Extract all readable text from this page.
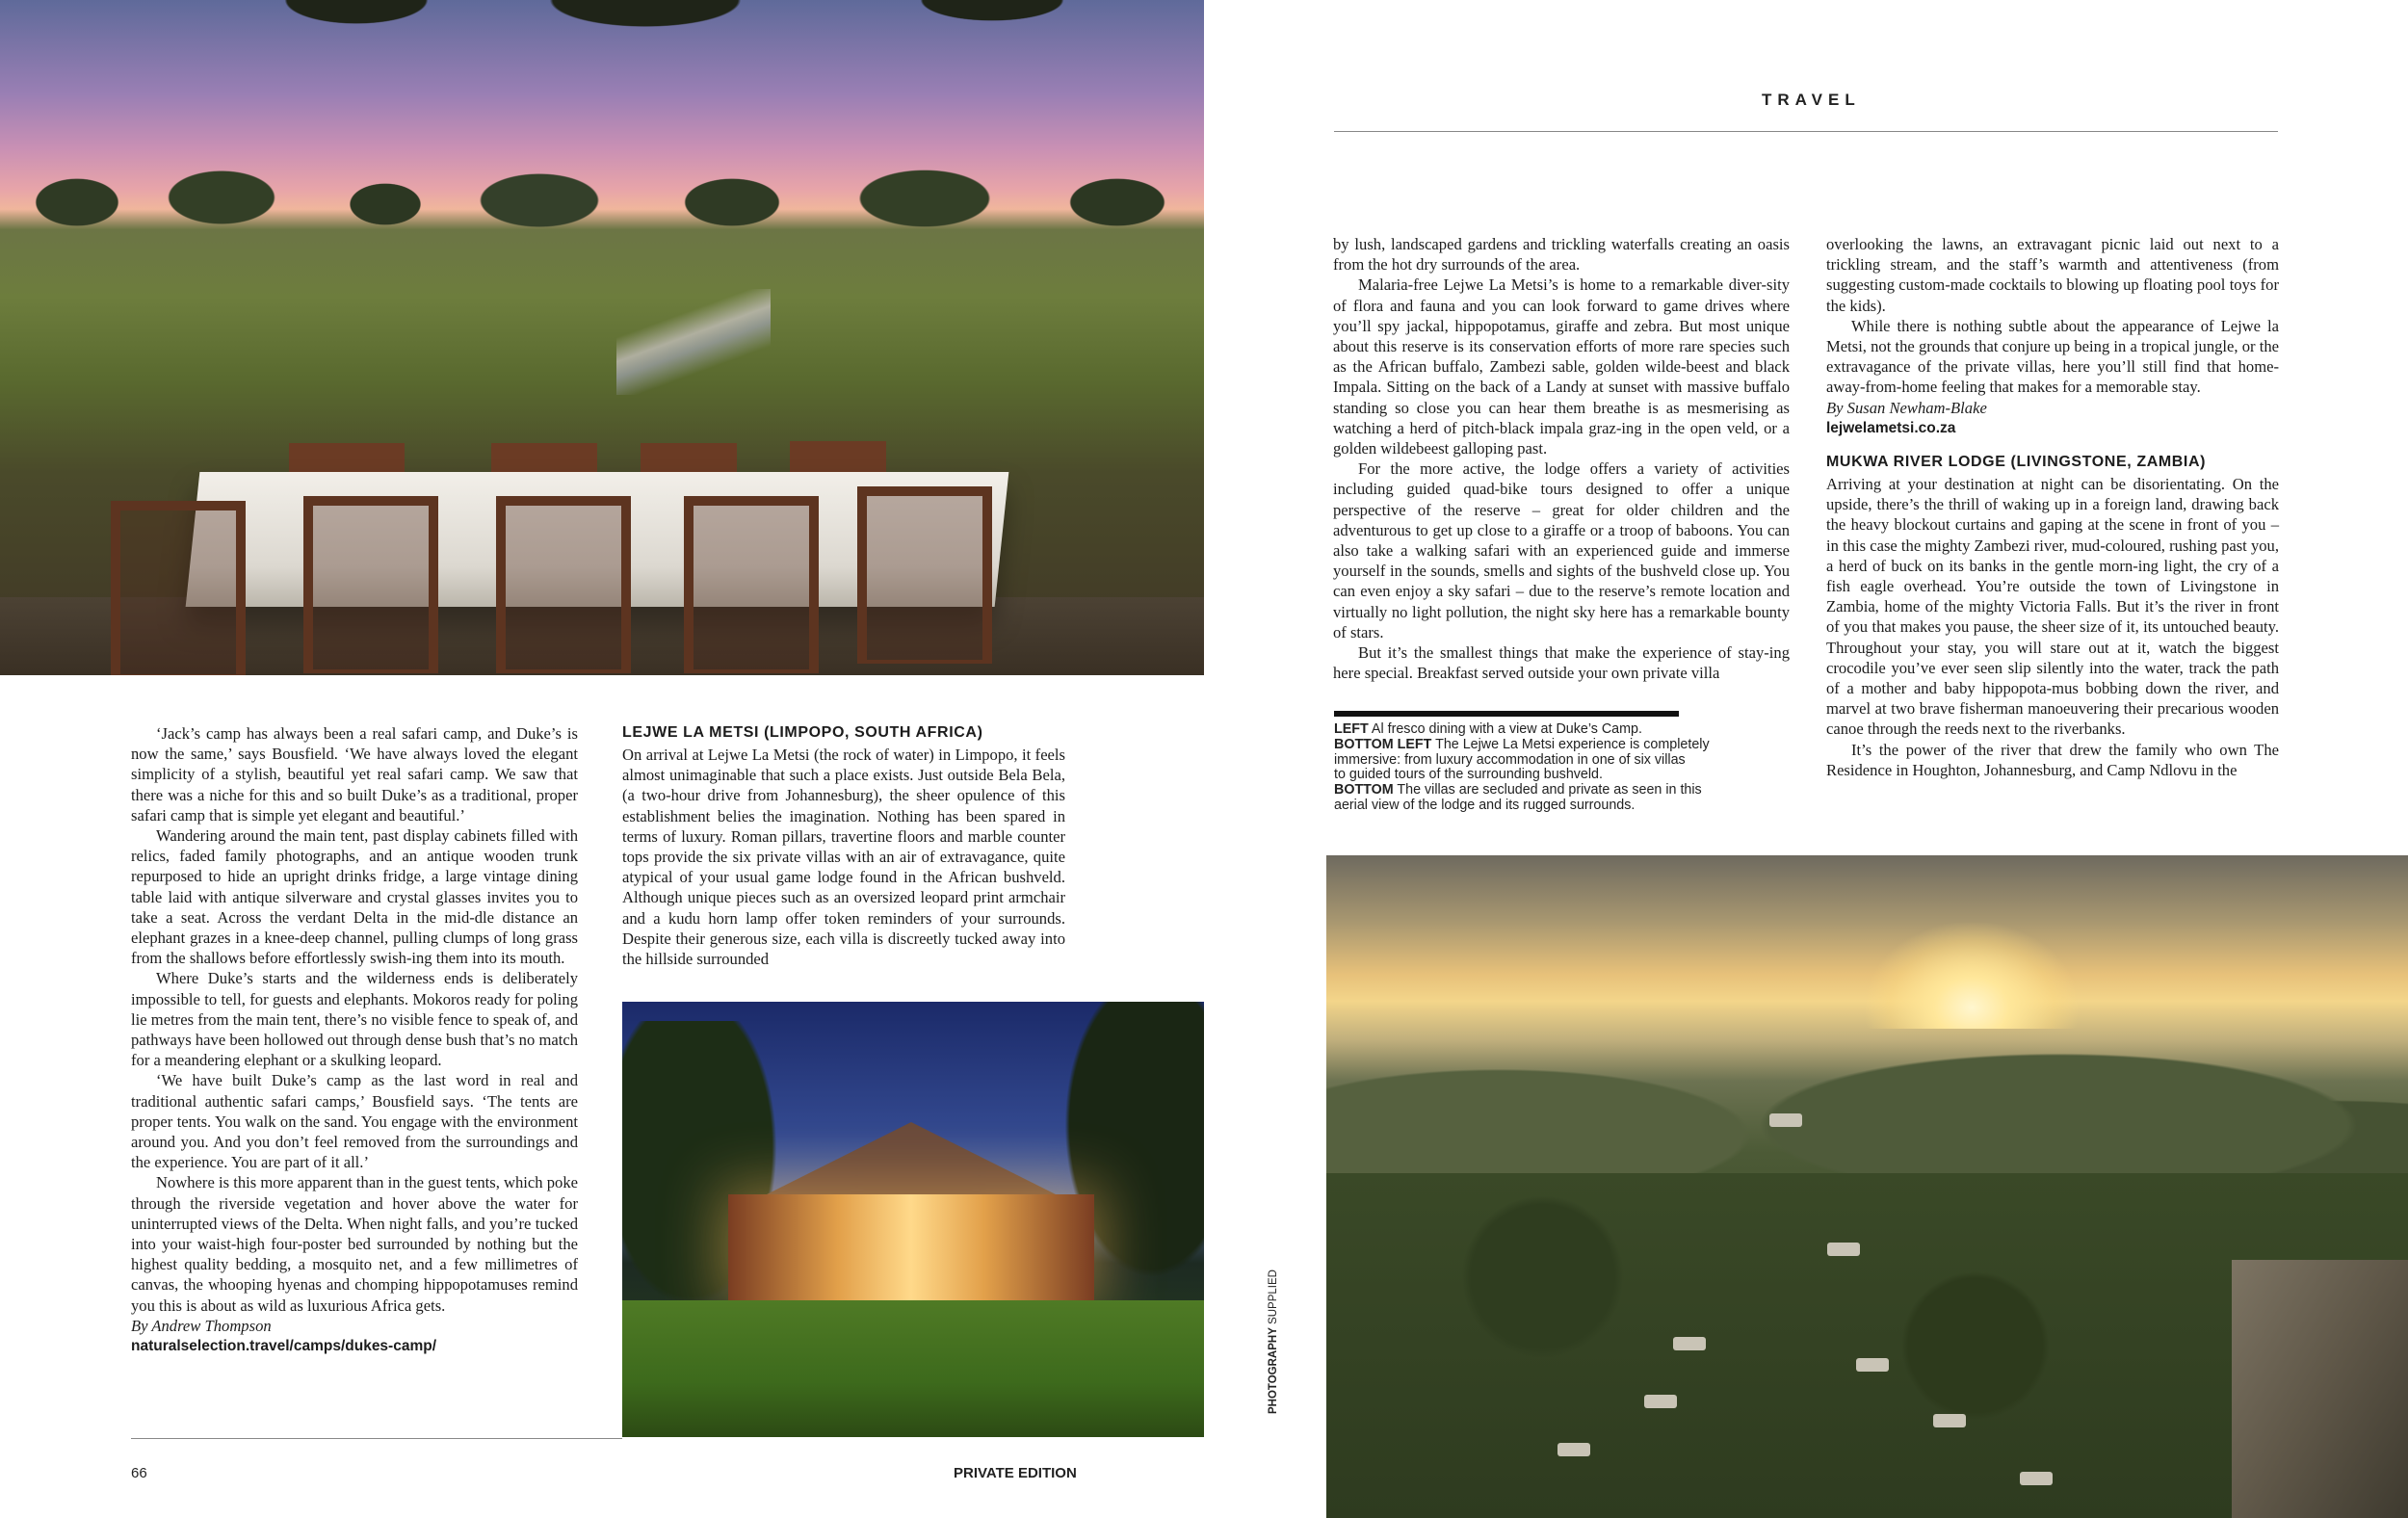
‘Jack’s camp has always been a real safari camp, and Duke’s is now the same,’ says Bousfield. ‘We have always loved the elegant simplicity of a stylish, beautiful yet real safari camp. We saw that there was a niche for this and so built Duke’s as a traditional, proper safari camp that is simple yet elegant and beautiful.’

Wandering around the main tent, past display cabinets filled with relics, faded family photographs, and an antique wooden trunk repurposed to hide an upright drinks fridge, a large vintage dining table laid with antique silverware and crystal glasses invites you to take a seat. Across the verdant Delta in the mid-dle distance an elephant grazes in a knee-deep channel, pulling clumps of long grass from the shallows before effortlessly swish-ing them into its mouth.

Where Duke’s starts and the wilderness ends is deliberately impossible to tell, for guests and elephants. Mokoros ready for poling lie metres from the main tent, there’s no visible fence to speak of, and pathways have been hollowed out through dense bush that’s no match for a meandering elephant or a skulking leopard.

‘We have built Duke’s camp as the last word in real and traditional authentic safari camps,’ Bousfield says. ‘The tents are proper tents. You walk on the sand. You engage with the environment around you. And you don’t feel removed from the surroundings and the experience. You are part of it all.’

Nowhere is this more apparent than in the guest tents, which poke through the riverside vegetation and hover above the water for uninterrupted views of the Delta. When night falls, and you’re tucked into your waist-high four-poster bed surrounded by nothing but the highest quality bedding, a mosquito net, and a few millimetres of canvas, the whooping hyenas and chomping hippopotamuses remind you this is about as wild as luxurious Africa gets.

By Andrew Thompson

naturalselection.travel/camps/dukes-camp/

LEJWE LA METSI (LIMPOPO, SOUTH AFRICA)

On arrival at Lejwe La Metsi (the rock of water) in Limpopo, it feels almost unimaginable that such a place exists. Just outside Bela Bela, (a two-hour drive from Johannesburg), the sheer opulence of this establishment belies the imagination. Nothing has been spared in terms of luxury. Roman pillars, travertine floors and marble counter tops provide the six private villas with an air of extravagance, quite atypical of your usual game lodge found in the African bushveld. Although unique pieces such as an oversized leopard print armchair and a kudu horn lamp offer token reminders of your surrounds. Despite their generous size, each villa is discreetly tucked away into the hillside surrounded

PHOTOGRAPHY SUPPLIED
66	PRIVATE EDITION
TRAVEL

by lush, landscaped gardens and trickling waterfalls creating an oasis from the hot dry surrounds of the area.

Malaria-free Lejwe La Metsi’s is home to a remarkable diver-sity of flora and fauna and you can look forward to game drives where you’ll spy jackal, hippopotamus, giraffe and zebra. But most unique about this reserve is its conservation efforts of more rare species such as the African buffalo, Zambezi sable, golden wilde-beest and black Impala. Sitting on the back of a Landy at sunset with massive buffalo standing so close you can hear them breathe is as mesmerising as watching a herd of pitch-black impala graz-ing in the open veld, or a golden wildebeest galloping past.

For the more active, the lodge offers a variety of activities including guided quad-bike tours designed to offer a unique perspective of the reserve – great for older children and the adventurous to get up close to a giraffe or a troop of baboons. You can also take a walking safari with an experienced guide and immerse yourself in the sounds, smells and sights of the bushveld close up. You can even enjoy a sky safari – due to the reserve’s remote location and virtually no light pollution, the night sky here has a remarkable bounty of stars.

But it’s the smallest things that make the experience of stay-ing here special. Breakfast served outside your own private villa

LEFT Al fresco dining with a view at Duke’s Camp.
BOTTOM LEFT The Lejwe La Metsi experience is completely
immersive: from luxury accommodation in one of six villas
to guided tours of the surrounding bushveld.
BOTTOM The villas are secluded and private as seen in this
aerial view of the lodge and its rugged surrounds.

overlooking the lawns, an extravagant picnic laid out next to a trickling stream, and the staff’s warmth and attentiveness (from suggesting custom-made cocktails to blowing up floating pool toys for the kids).

While there is nothing subtle about the appearance of Lejwe la Metsi, not the grounds that conjure up being in a tropical jungle, or the extravagance of the private villas, here you’ll still find that home-away-from-home feeling that makes for a memorable stay.

By Susan Newham-Blake

lejwelametsi.co.za

MUKWA RIVER LODGE (LIVINGSTONE, ZAMBIA)

Arriving at your destination at night can be disorientating. On the upside, there’s the thrill of waking up in a foreign land, drawing back the heavy blockout curtains and gaping at the scene in front of you – in this case the mighty Zambezi river, mud-coloured, rushing past you, a herd of buck on its banks in the gentle morn-ing light, the cry of a fish eagle overhead. You’re outside the town of Livingstone in Zambia, home of the mighty Victoria Falls. But it’s the river in front of you that makes you pause, the sheer size of it, its untouched beauty. Throughout your stay, you will stare out at it, watch the biggest crocodile you’ve ever seen slip silently into the water, track the path of a mother and baby hippopota-mus bobbing down the river, and marvel at two brave fisherman manoeuvering their precarious wooden canoe through the reeds next to the riverbanks.

It’s the power of the river that drew the family who own The Residence in Houghton, Johannesburg, and Camp Ndlovu in the
